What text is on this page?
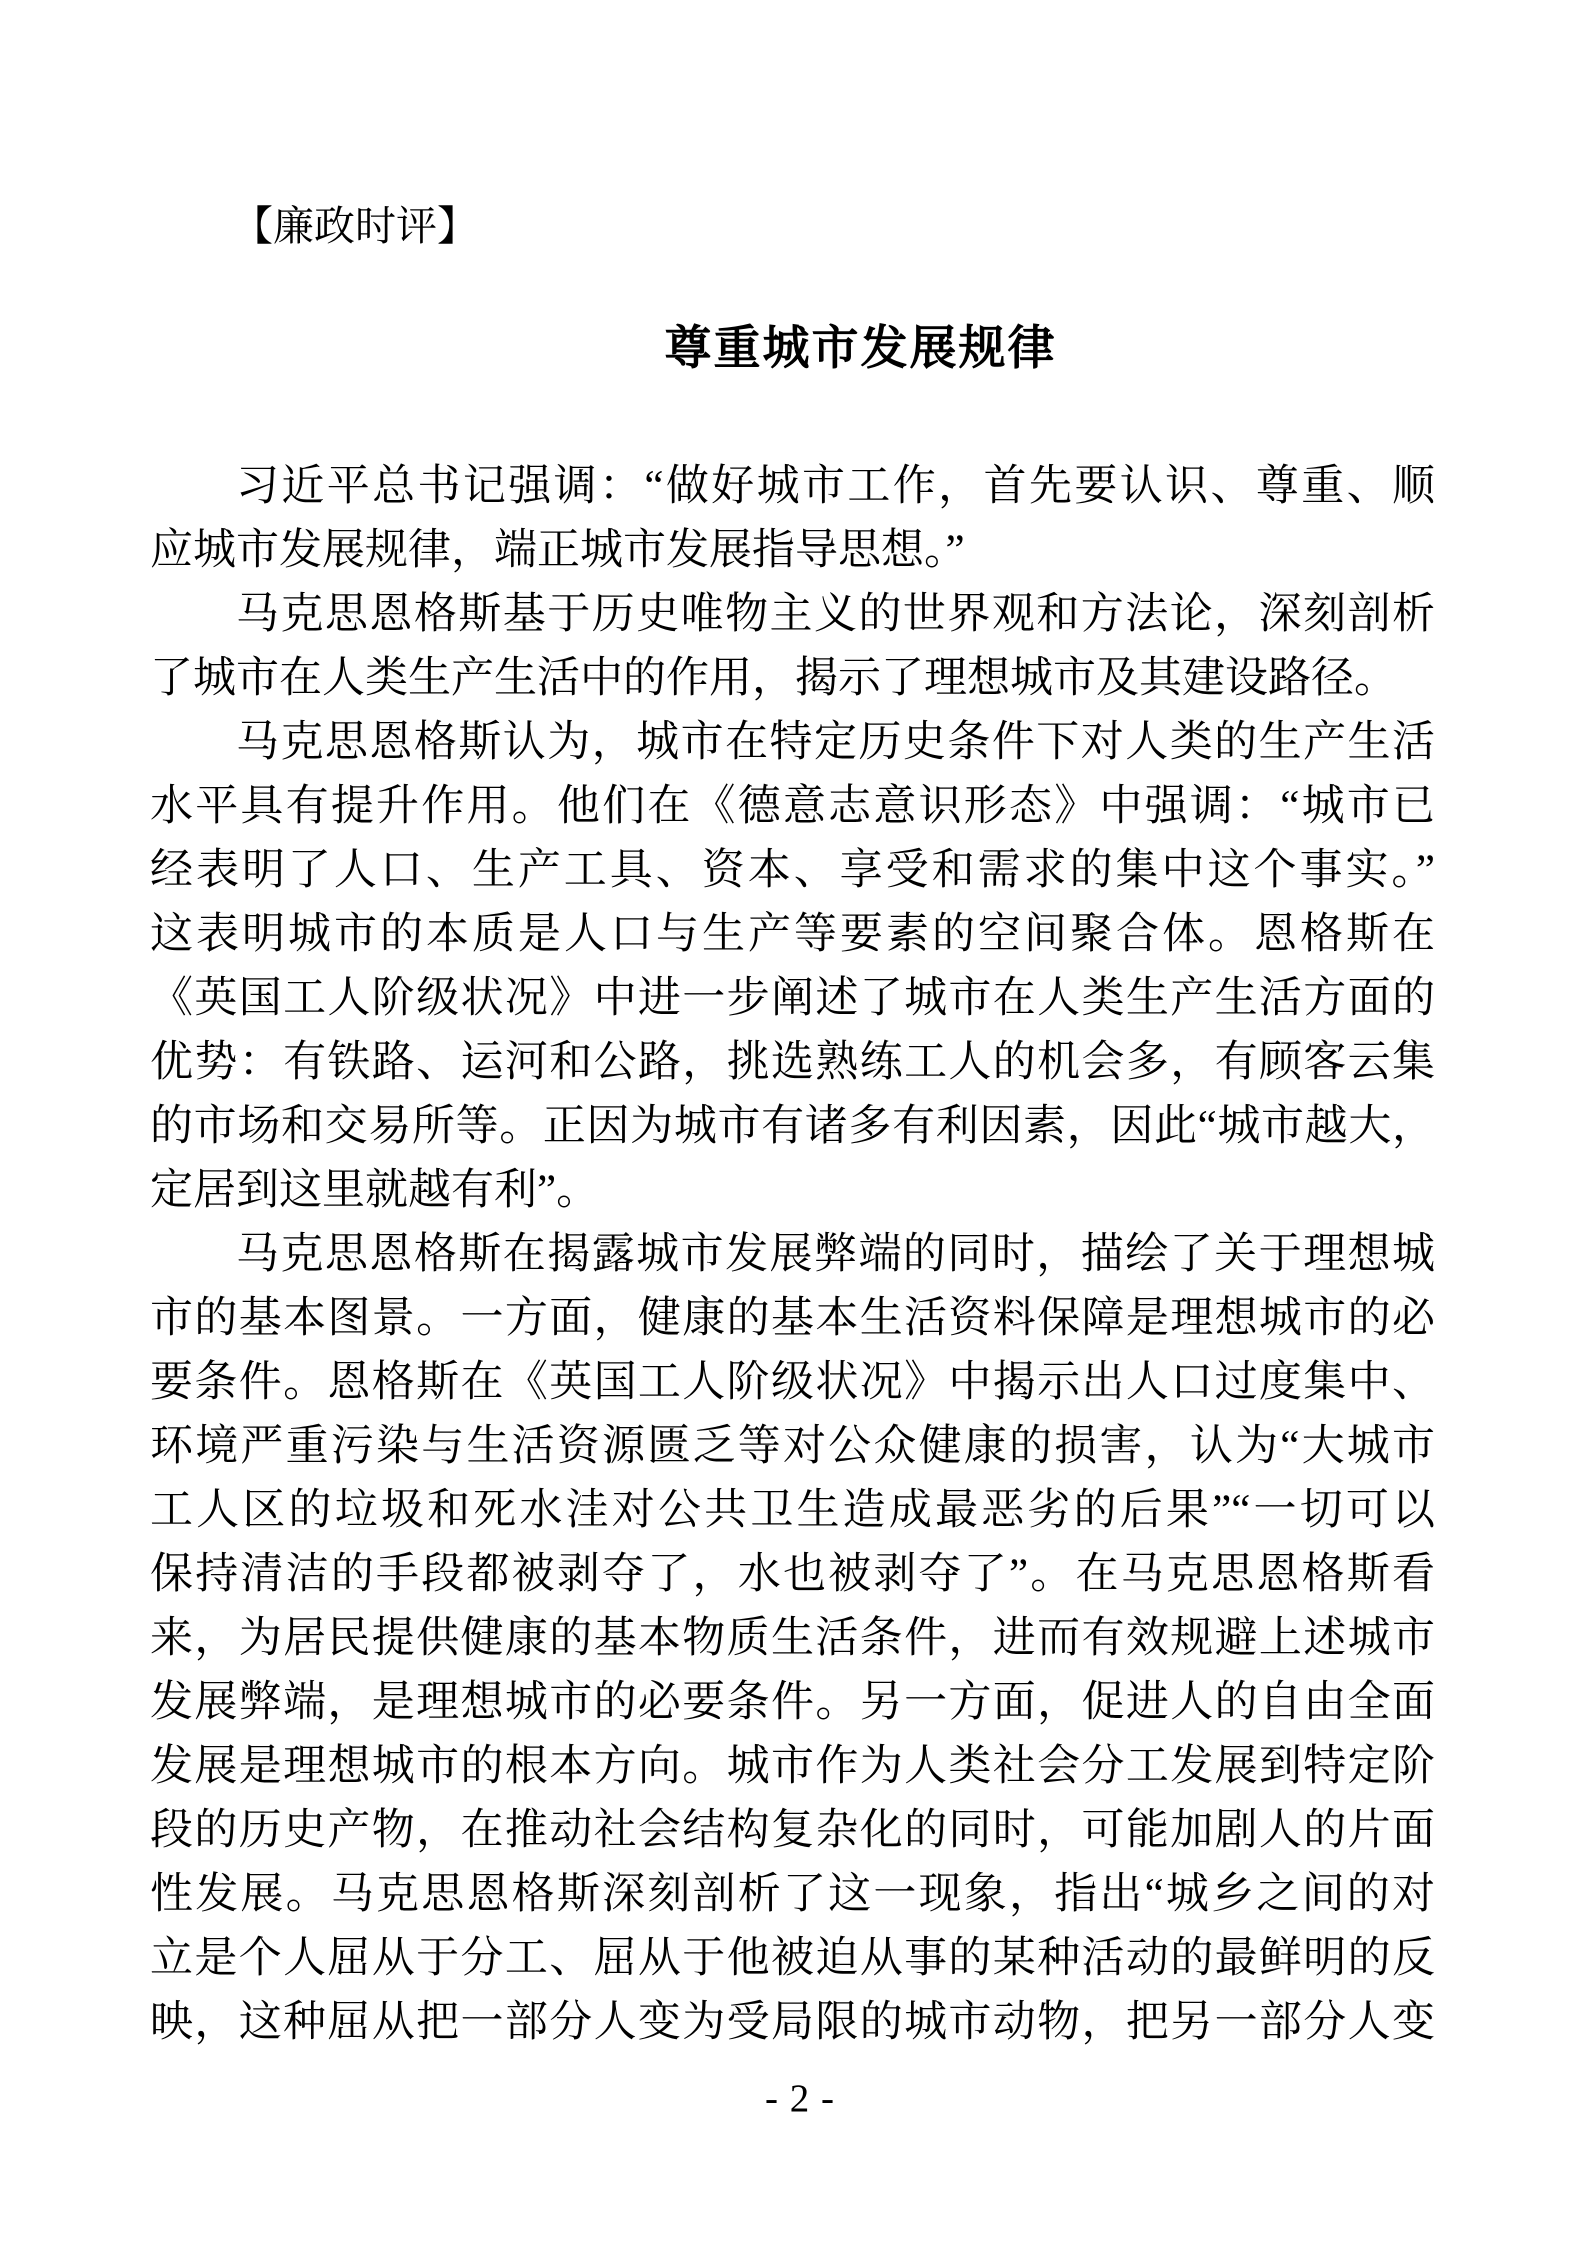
【廉政时评】
尊重城市发展规律
习近平总书记强调：“做好城市工作，首先要认识、尊重、顺
应城市发展规律，端正城市发展指导思想。”
马克思恩格斯基于历史唯物主义的世界观和方法论，深刻剖析
了城市在人类生产生活中的作用，揭示了理想城市及其建设路径。
马克思恩格斯认为，城市在特定历史条件下对人类的生产生活
水平具有提升作用。他们在《德意志意识形态》中强调：“城市已
经表明了人口、生产工具、资本、享受和需求的集中这个事实。”
这表明城市的本质是人口与生产等要素的空间聚合体。恩格斯在
《英国工人阶级状况》中进一步阐述了城市在人类生产生活方面的
优势：有铁路、运河和公路，挑选熟练工人的机会多，有顾客云集
的市场和交易所等。正因为城市有诸多有利因素，因此“城市越大，
定居到这里就越有利”。
马克思恩格斯在揭露城市发展弊端的同时，描绘了关于理想城
市的基本图景。一方面，健康的基本生活资料保障是理想城市的必
要条件。恩格斯在《英国工人阶级状况》中揭示出人口过度集中、
环境严重污染与生活资源匮乏等对公众健康的损害，认为“大城市
工人区的垃圾和死水洼对公共卫生造成最恶劣的后果”“一切可以
保持清洁的手段都被剥夺了，水也被剥夺了”。在马克思恩格斯看
来，为居民提供健康的基本物质生活条件，进而有效规避上述城市
发展弊端，是理想城市的必要条件。另一方面，促进人的自由全面
发展是理想城市的根本方向。城市作为人类社会分工发展到特定阶
段的历史产物，在推动社会结构复杂化的同时，可能加剧人的片面
性发展。马克思恩格斯深刻剖析了这一现象，指出“城乡之间的对
立是个人屈从于分工、屈从于他被迫从事的某种活动的最鲜明的反
映，这种屈从把一部分人变为受局限的城市动物，把另一部分人变
- 2 -
